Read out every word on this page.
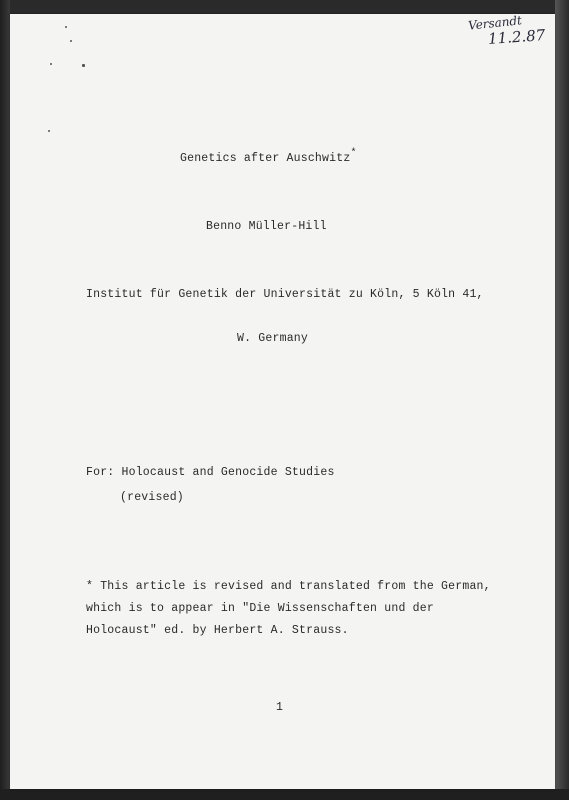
Versandt
11.2.87
Genetics after Auschwitz*
Benno Müller-Hill
Institut für Genetik der Universität zu Köln, 5 Köln 41,
W. Germany
For: Holocaust and Genocide Studies
(revised)
* This article is revised and translated from the German,
which is to appear in "Die Wissenschaften und der
Holocaust" ed. by Herbert A. Strauss.
1
